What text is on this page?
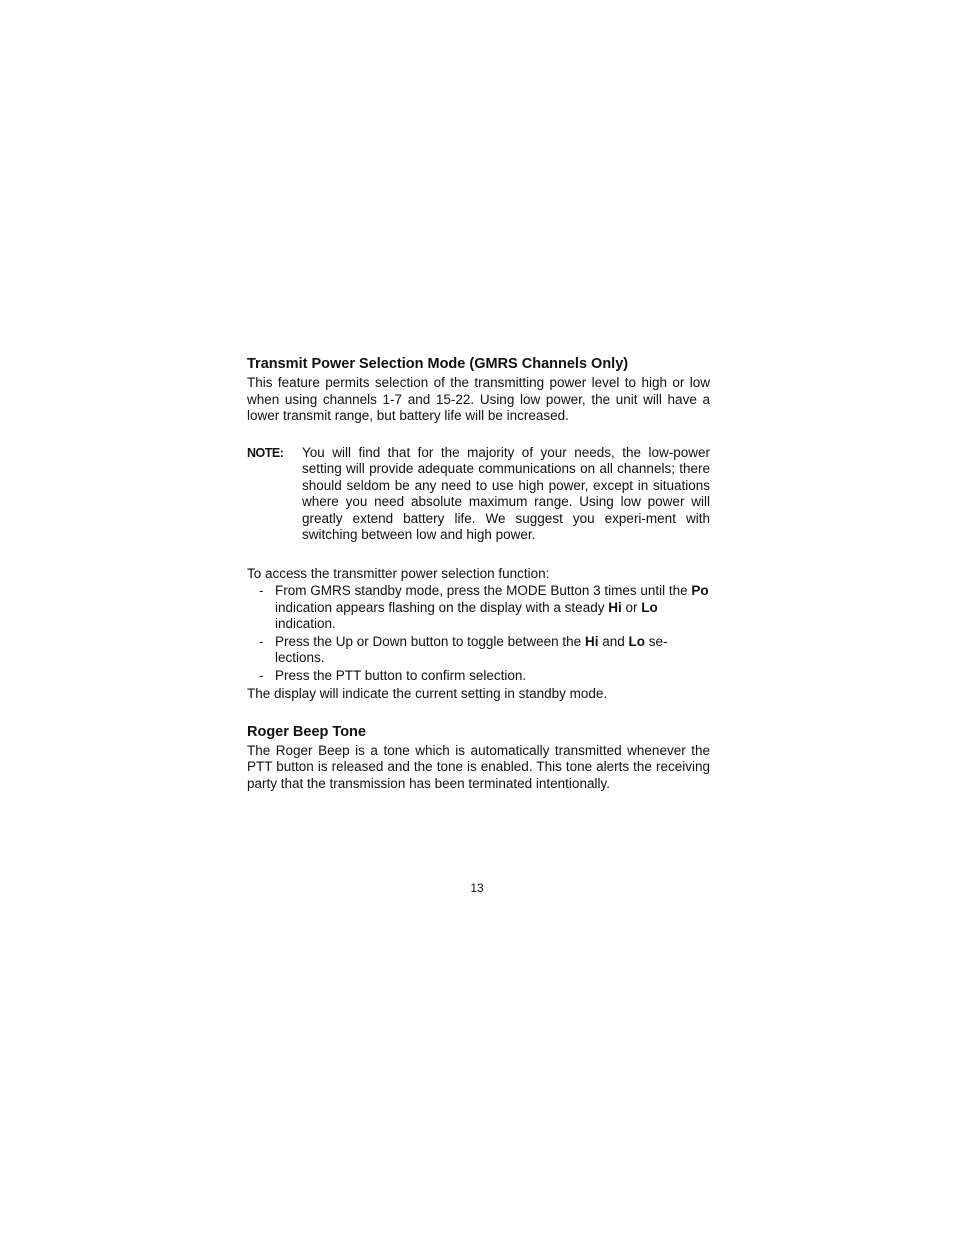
Transmit Power Selection Mode (GMRS Channels Only)

This feature permits selection of the transmitting power level to high or low when using channels 1-7 and 15-22. Using low power, the unit will have a lower transmit range, but battery life will be increased.

NOTE:	You will find that for the majority of your needs, the low-power setting will provide adequate communications on all channels; there should seldom be any need to use high power, except in situations where you need absolute maximum range. Using low power will greatly extend battery life. We suggest you experi-ment with switching between low and high power.

To access the transmitter power selection function:

- From GMRS standby mode, press the MODE Button 3 times until the Po indication appears flashing on the display with a steady Hi or Lo indication.
- Press the Up or Down button to toggle between the Hi and Lo se-lections.
- Press the PTT button to confirm selection.

The display will indicate the current setting in standby mode.

Roger Beep Tone

The Roger Beep is a tone which is automatically transmitted whenever the PTT button is released and the tone is enabled. This tone alerts the receiving party that the transmission has been terminated intentionally.

13
